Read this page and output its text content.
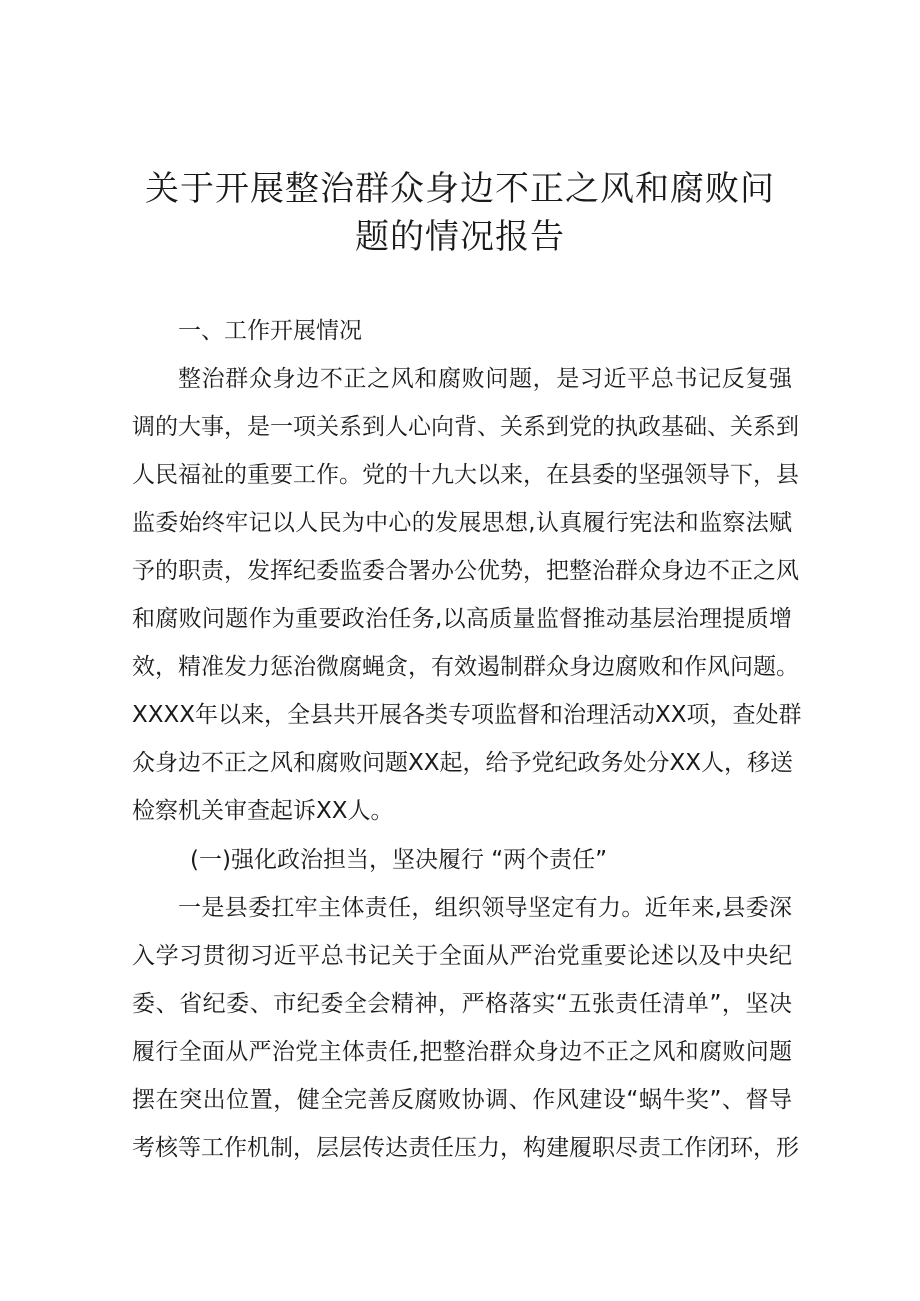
关于开展整治群众身边不正之风和腐败问
题的情况报告
一、工作开展情况
整治群众身边不正之风和腐败问题，是习近平总书记反复强
调的大事，是一项关系到人心向背、关系到党的执政基础、关系到
人民福祉的重要工作。党的十九大以来，在县委的坚强领导下，县
监委始终牢记以人民为中心的发展思想,认真履行宪法和监察法赋
予的职责，发挥纪委监委合署办公优势，把整治群众身边不正之风
和腐败问题作为重要政治任务,以高质量监督推动基层治理提质增
效，精准发力惩治微腐蝇贪，有效遏制群众身边腐败和作风问题。
XXXX年以来，全县共开展各类专项监督和治理活动XX项，查处群
众身边不正之风和腐败问题XX起，给予党纪政务处分XX人，移送
检察机关审查起诉XX人。
(一)强化政治担当，坚决履行 “两个责任”
一是县委扛牢主体责任，组织领导坚定有力。近年来,县委深
入学习贯彻习近平总书记关于全面从严治党重要论述以及中央纪
委、省纪委、市纪委全会精神，严格落实“五张责任清单”，坚决
履行全面从严治党主体责任,把整治群众身边不正之风和腐败问题
摆在突出位置，健全完善反腐败协调、作风建设“蜗牛奖”、督导
考核等工作机制，层层传达责任压力，构建履职尽责工作闭环，形
